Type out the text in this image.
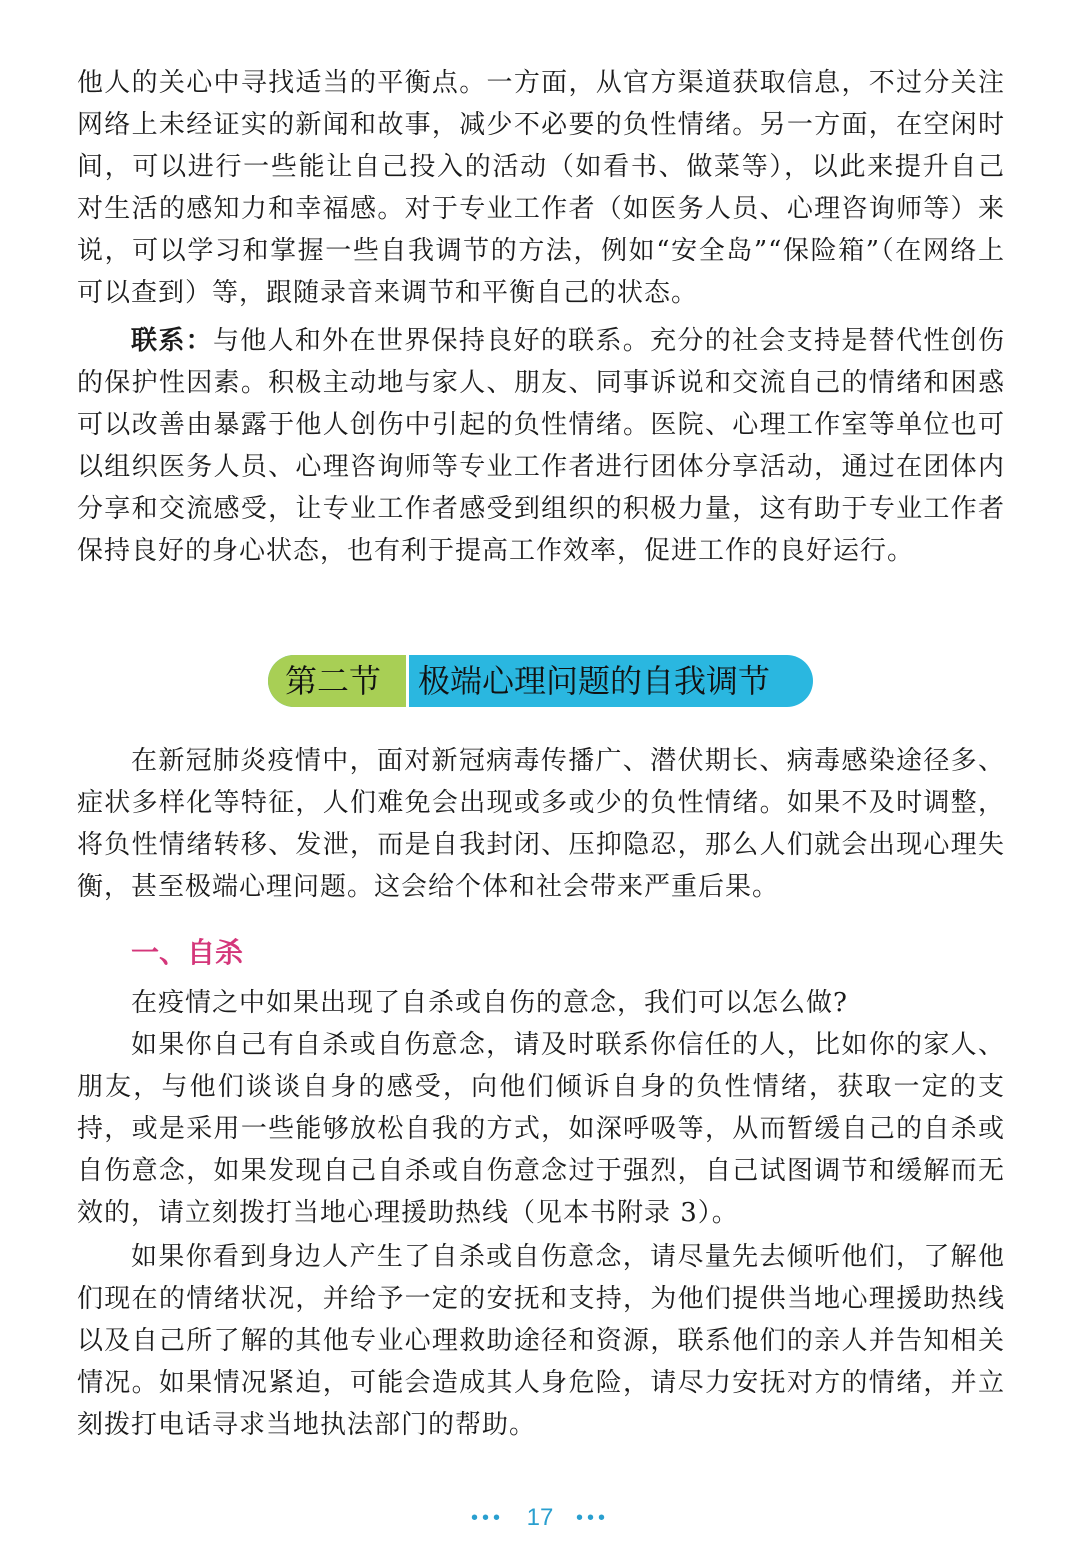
他人的关心中寻找适当的平衡点。一方面，从官方渠道获取信息，不过分关注网络上未经证实的新闻和故事，减少不必要的负性情绪。另一方面，在空闲时间，可以进行一些能让自己投入的活动（如看书、做菜等），以此来提升自己对生活的感知力和幸福感。对于专业工作者（如医务人员、心理咨询师等）来说，可以学习和掌握一些自我调节的方法，例如“安全岛”“保险箱”（在网络上可以查到）等，跟随录音来调节和平衡自己的状态。

联系：与他人和外在世界保持良好的联系。充分的社会支持是替代性创伤的保护性因素。积极主动地与家人、朋友、同事诉说和交流自己的情绪和困惑可以改善由暴露于他人创伤中引起的负性情绪。医院、心理工作室等单位也可以组织医务人员、心理咨询师等专业工作者进行团体分享活动，通过在团体内分享和交流感受，让专业工作者感受到组织的积极力量，这有助于专业工作者保持良好的身心状态，也有利于提高工作效率，促进工作的良好运行。

第二节	极端心理问题的自我调节

在新冠肺炎疫情中，面对新冠病毒传播广、潜伏期长、病毒感染途径多、症状多样化等特征，人们难免会出现或多或少的负性情绪。如果不及时调整，将负性情绪转移、发泄，而是自我封闭、压抑隐忍，那么人们就会出现心理失衡，甚至极端心理问题。这会给个体和社会带来严重后果。

一、自杀

在疫情之中如果出现了自杀或自伤的意念，我们可以怎么做?

如果你自己有自杀或自伤意念，请及时联系你信任的人，比如你的家人、朋友，与他们谈谈自身的感受，向他们倾诉自身的负性情绪，获取一定的支持，或是采用一些能够放松自我的方式，如深呼吸等，从而暂缓自己的自杀或自伤意念，如果发现自己自杀或自伤意念过于强烈，自己试图调节和缓解而无效的，请立刻拨打当地心理援助热线（见本书附录 3）。

如果你看到身边人产生了自杀或自伤意念，请尽量先去倾听他们，了解他们现在的情绪状况，并给予一定的安抚和支持，为他们提供当地心理援助热线以及自己所了解的其他专业心理救助途径和资源，联系他们的亲人并告知相关情况。如果情况紧迫，可能会造成其人身危险，请尽力安抚对方的情绪，并立刻拨打电话寻求当地执法部门的帮助。

••• 17 •••
